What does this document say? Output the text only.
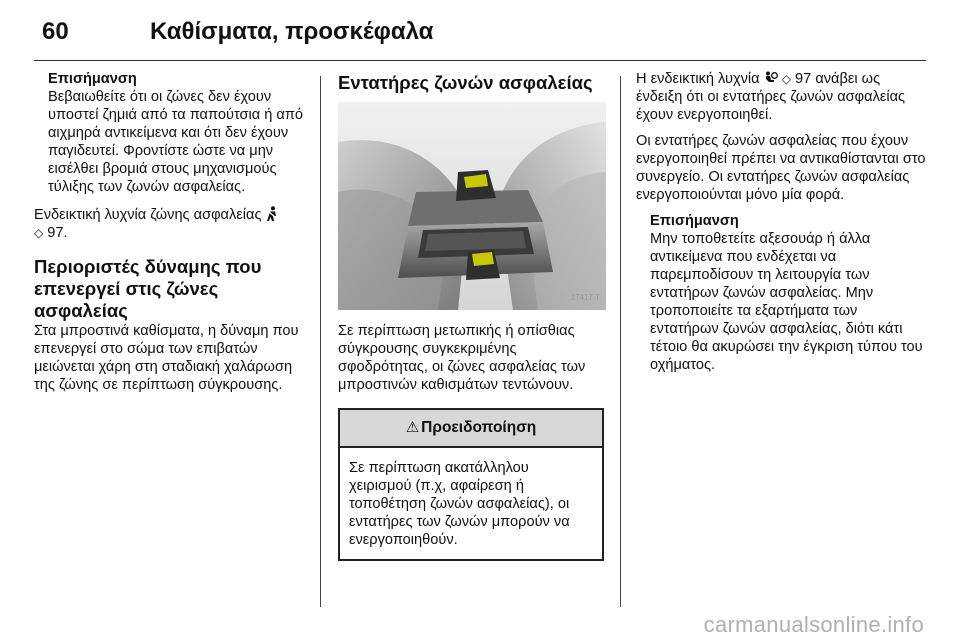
60	Καθίσματα, προσκέφαλα
Επισήμανση
Βεβαιωθείτε ότι οι ζώνες δεν έχουν υποστεί ζημιά από τα παπούτσια ή από αιχμηρά αντικείμενα και ότι δεν έχουν παγιδευτεί. Φροντίστε ώστε να μην εισέλθει βρομιά στους μηχανισμούς τύλιξης των ζωνών ασφαλείας.

Ενδεικτική λυχνία ζώνης ασφαλείας
◇ 97.

Περιοριστές δύναμης που επενεργεί στις ζώνες ασφαλείας

Στα μπροστινά καθίσματα, η δύναμη που επενεργεί στο σώμα των επιβατών μειώνεται χάρη στη σταδιακή χαλάρωση της ζώνης σε περίπτωση σύγκρουσης.

Εντατήρες ζωνών ασφαλείας
17417 T

Σε περίπτωση μετωπικής ή οπίσθιας σύγκρουσης συγκεκριμένης σφοδρότητας, οι ζώνες ασφαλείας των μπροστινών καθισμάτων τεντώνουν.

⚠ Προειδοποίηση
Σε περίπτωση ακατάλληλου χειρισμού (π.χ, αφαίρεση ή τοποθέτηση ζωνών ασφαλείας), οι εντατήρες των ζωνών μπορούν να ενεργοποιηθούν.

Η ενδεικτική λυχνία ◇ 97 ανάβει ως ένδειξη ότι οι εντατήρες ζωνών ασφαλείας έχουν ενεργοποιηθεί.

Οι εντατήρες ζωνών ασφαλείας που έχουν ενεργοποιηθεί πρέπει να αντικαθίστανται στο συνεργείο. Οι εντατήρες ζωνών ασφαλείας ενεργοποιούνται μόνο μία φορά.

Επισήμανση
Μην τοποθετείτε αξεσουάρ ή άλλα αντικείμενα που ενδέχεται να παρεμποδίσουν τη λειτουργία των εντατήρων ζωνών ασφαλείας. Μην τροποποιείτε τα εξαρτήματα των εντατήρων ζωνών ασφαλείας, διότι κάτι τέτοιο θα ακυρώσει την έγκριση τύπου του οχήματος.
carmanualsonline.info
